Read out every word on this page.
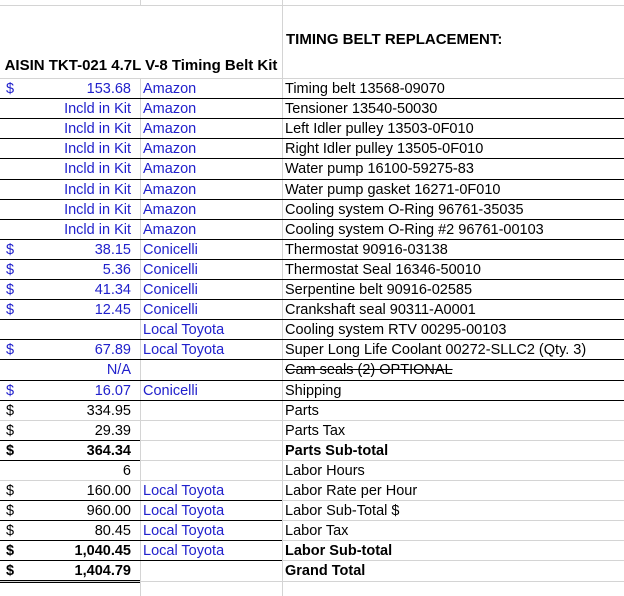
AISIN TKT-021 4.7L V-8 Timing Belt Kit
TIMING BELT REPLACEMENT:
$	153.68 Amazon	Timing belt 13568-09070
Incld in Kit Amazon	Tensioner 13540-50030
Incld in Kit Amazon	Left Idler pulley 13503-0F010
Incld in Kit Amazon	Right Idler pulley 13505-0F010
Incld in Kit Amazon	Water pump 16100-59275-83
Incld in Kit Amazon	Water pump gasket 16271-0F010
Incld in Kit Amazon	Cooling system O-Ring 96761-35035
Incld in Kit Amazon	Cooling system O-Ring #2 96761-00103
$	38.15 Conicelli	Thermostat 90916-03138
$	5.36 Conicelli	Thermostat Seal 16346-50010
$	41.34 Conicelli	Serpentine belt 90916-02585
$	12.45 Conicelli	Crankshaft seal 90311-A0001
Local Toyota	Cooling system RTV 00295-00103
$	67.89 Local Toyota	Super Long Life Coolant 00272-SLLC2 (Qty. 3)
N/A	Cam seals (2) OPTIONAL
$	16.07 Conicelli	Shipping
$	334.95	Parts
$	29.39	Parts Tax
$	364.34	Parts Sub-total
6	Labor Hours
$	160.00 Local Toyota	Labor Rate per Hour
$	960.00 Local Toyota	Labor Sub-Total $
$	80.45 Local Toyota	Labor Tax
$	1,040.45 Local Toyota	Labor Sub-total
$	1,404.79	Grand Total
